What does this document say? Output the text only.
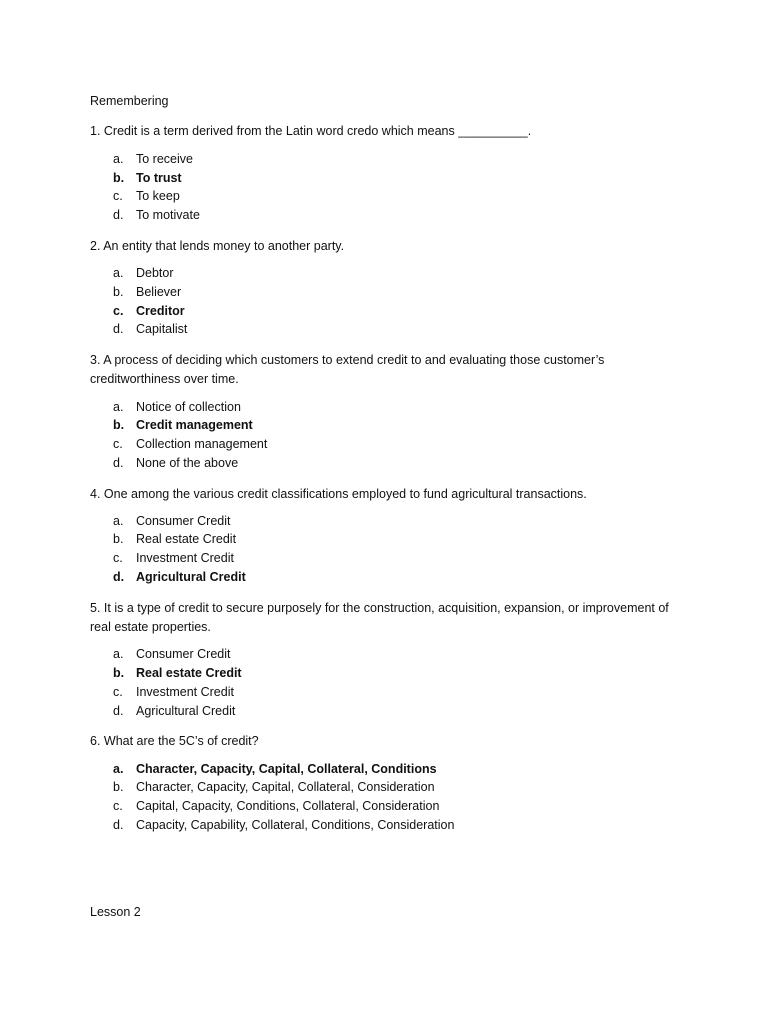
Remembering
1. Credit is a term derived from the Latin word credo which means __________.
a. To receive
b. To trust
c. To keep
d. To motivate
2. An entity that lends money to another party.
a. Debtor
b. Believer
c. Creditor
d. Capitalist
3. A process of deciding which customers to extend credit to and evaluating those customer’s creditworthiness over time.
a. Notice of collection
b. Credit management
c. Collection management
d. None of the above
4. One among the various credit classifications employed to fund agricultural transactions.
a. Consumer Credit
b. Real estate Credit
c. Investment Credit
d. Agricultural Credit
5. It is a type of credit to secure purposely for the construction, acquisition, expansion, or improvement of real estate properties.
a. Consumer Credit
b. Real estate Credit
c. Investment Credit
d. Agricultural Credit
6. What are the 5C’s of credit?
a. Character, Capacity, Capital, Collateral, Conditions
b. Character, Capacity, Capital, Collateral, Consideration
c. Capital, Capacity, Conditions, Collateral, Consideration
d. Capacity, Capability, Collateral, Conditions, Consideration
Lesson 2
